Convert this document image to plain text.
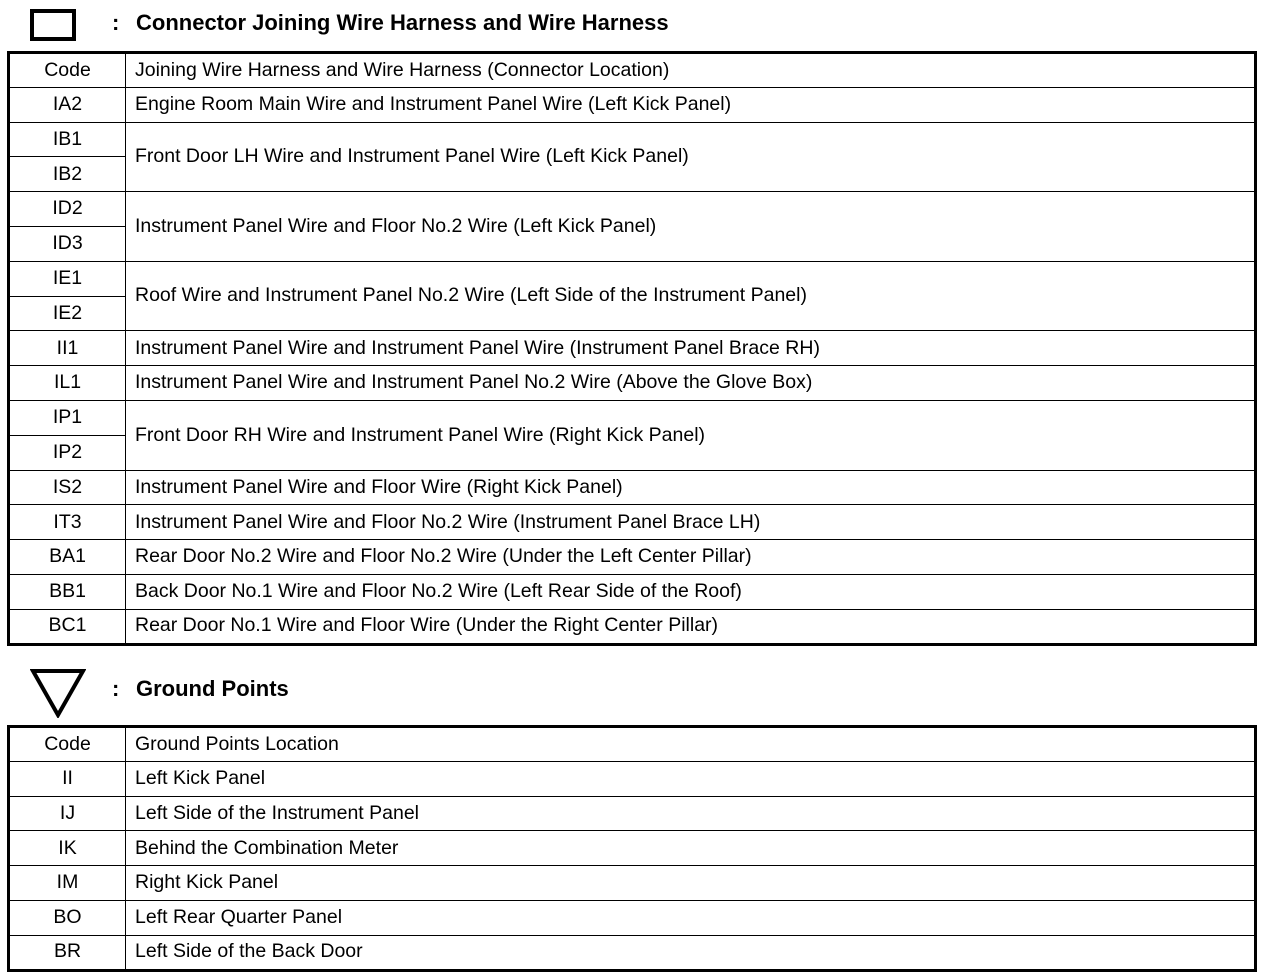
: Connector Joining Wire Harness and Wire Harness
Code	Joining Wire Harness and Wire Harness (Connector Location)
IA2	Engine Room Main Wire and Instrument Panel Wire (Left Kick Panel)
IB1	Front Door LH Wire and Instrument Panel Wire (Left Kick Panel)
IB2	
ID2	Instrument Panel Wire and Floor No.2 Wire (Left Kick Panel)
ID3	
IE1	Roof Wire and Instrument Panel No.2 Wire (Left Side of the Instrument Panel)
IE2	
II1	Instrument Panel Wire and Instrument Panel Wire (Instrument Panel Brace RH)
IL1	Instrument Panel Wire and Instrument Panel No.2 Wire (Above the Glove Box)
IP1	Front Door RH Wire and Instrument Panel Wire (Right Kick Panel)
IP2	
IS2	Instrument Panel Wire and Floor Wire (Right Kick Panel)
IT3	Instrument Panel Wire and Floor No.2 Wire (Instrument Panel Brace LH)
BA1	Rear Door No.2 Wire and Floor No.2 Wire (Under the Left Center Pillar)
BB1	Back Door No.1 Wire and Floor No.2 Wire (Left Rear Side of the Roof)
BC1	Rear Door No.1 Wire and Floor Wire (Under the Right Center Pillar)
: Ground Points
Code	Ground Points Location
II	Left Kick Panel
IJ	Left Side of the Instrument Panel
IK	Behind the Combination Meter
IM	Right Kick Panel
BO	Left Rear Quarter Panel
BR	Left Side of the Back Door
